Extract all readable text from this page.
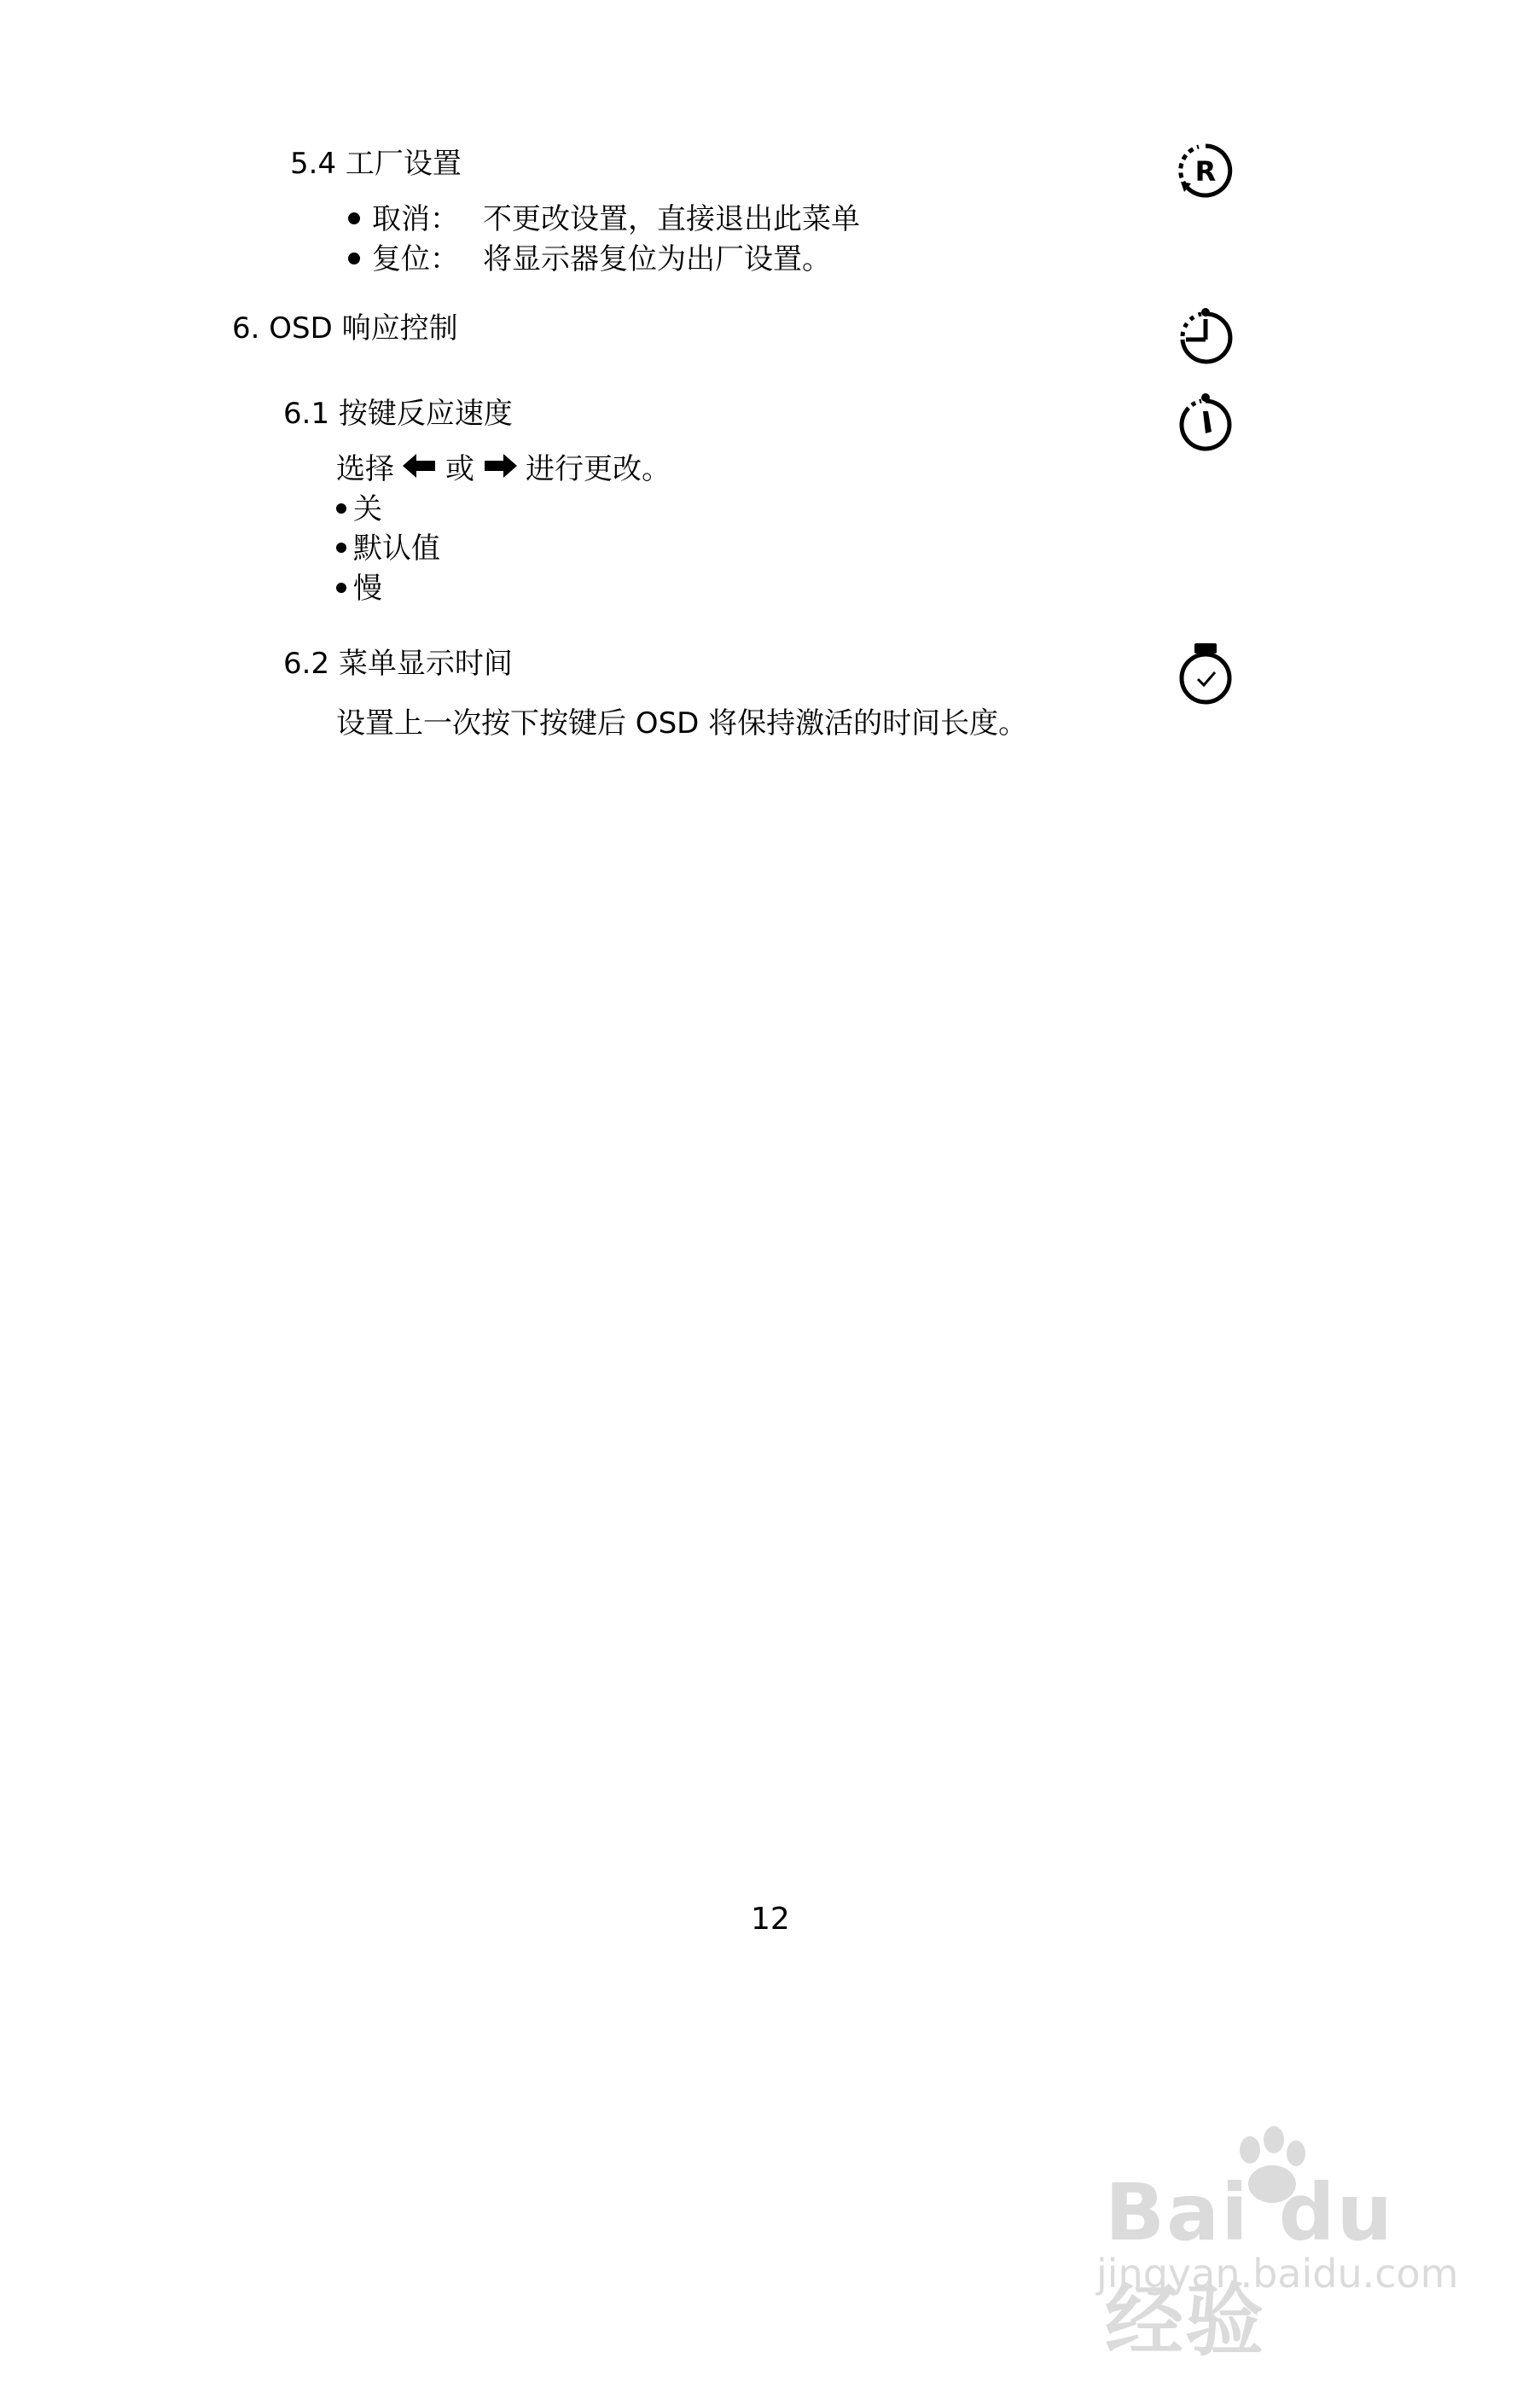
5.4 工厂设置
取消： 不更改设置，直接退出此菜单
复位： 将显示器复位为出厂设置。
R
6. OSD 响应控制
6.1 按键反应速度
选择 或 进行更改。
关
默认值
慢
6.2 菜单显示时间
设置上一次按下按键后 OSD 将保持激活的时间长度。
12
Bai du 经验
jingyan.baidu.com
